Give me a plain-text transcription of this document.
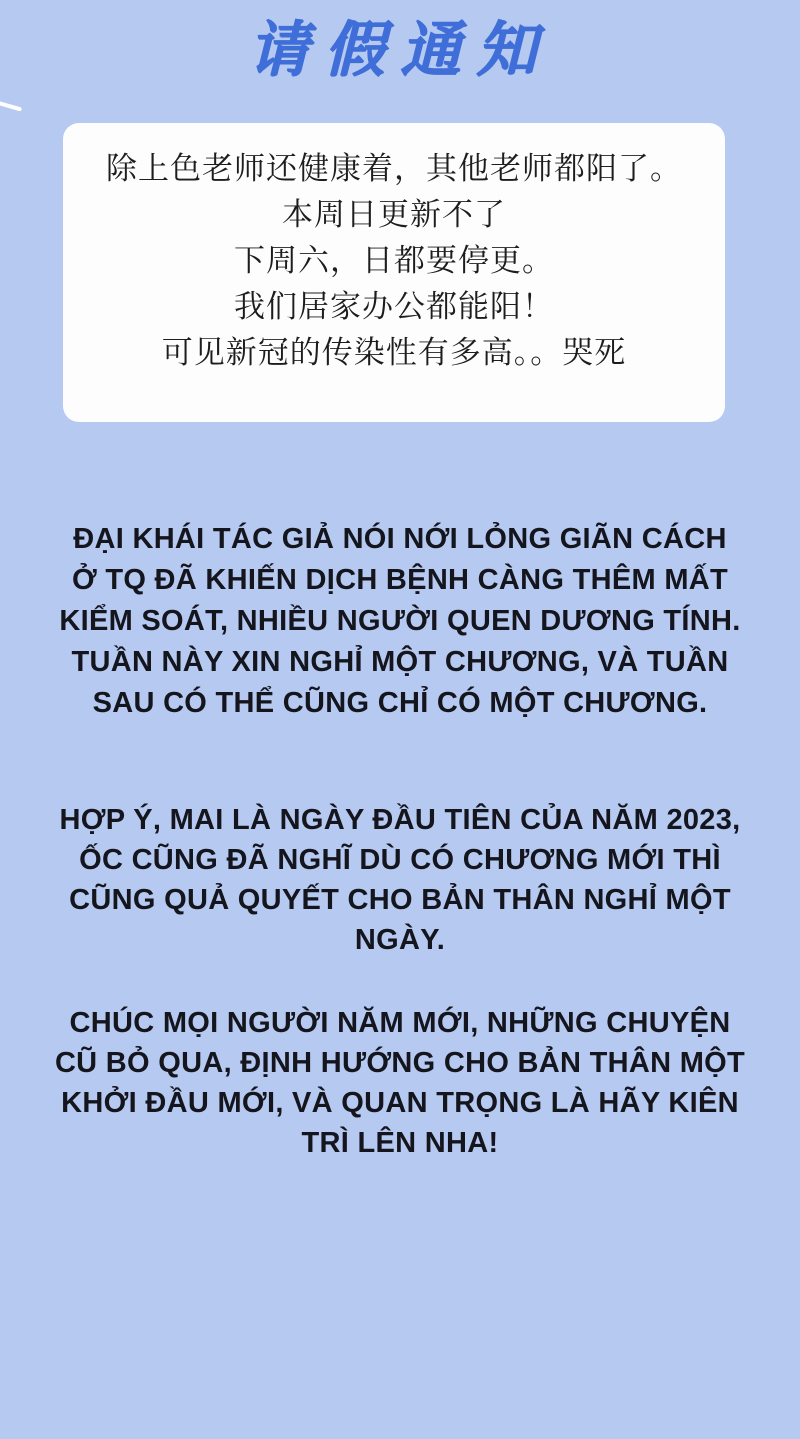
请假通知
除上色老师还健康着，其他老师都阳了。
本周日更新不了
下周六，日都要停更。
我们居家办公都能阳！
可见新冠的传染性有多高。。哭死
ĐẠI KHÁI TÁC GIẢ NÓI NỚI LỎNG GIÃN CÁCH
Ở TQ ĐÃ KHIẾN DỊCH BỆNH CÀNG THÊM MẤT
KIỂM SOÁT, NHIỀU NGƯỜI QUEN DƯƠNG TÍNH.
TUẦN NÀY XIN NGHỈ MỘT CHƯƠNG, VÀ TUẦN
SAU CÓ THỂ CŨNG CHỈ CÓ MỘT CHƯƠNG.
HỢP Ý, MAI LÀ NGÀY ĐẦU TIÊN CỦA NĂM 2023,
ỐC CŨNG ĐÃ NGHĨ DÙ CÓ CHƯƠNG MỚI THÌ
CŨNG QUẢ QUYẾT CHO BẢN THÂN NGHỈ MỘT
NGÀY.
CHÚC MỌI NGƯỜI NĂM MỚI, NHỮNG CHUYỆN
CŨ BỎ QUA, ĐỊNH HƯỚNG CHO BẢN THÂN MỘT
KHỞI ĐẦU MỚI, VÀ QUAN TRỌNG LÀ HÃY KIÊN
TRÌ LÊN NHA!
